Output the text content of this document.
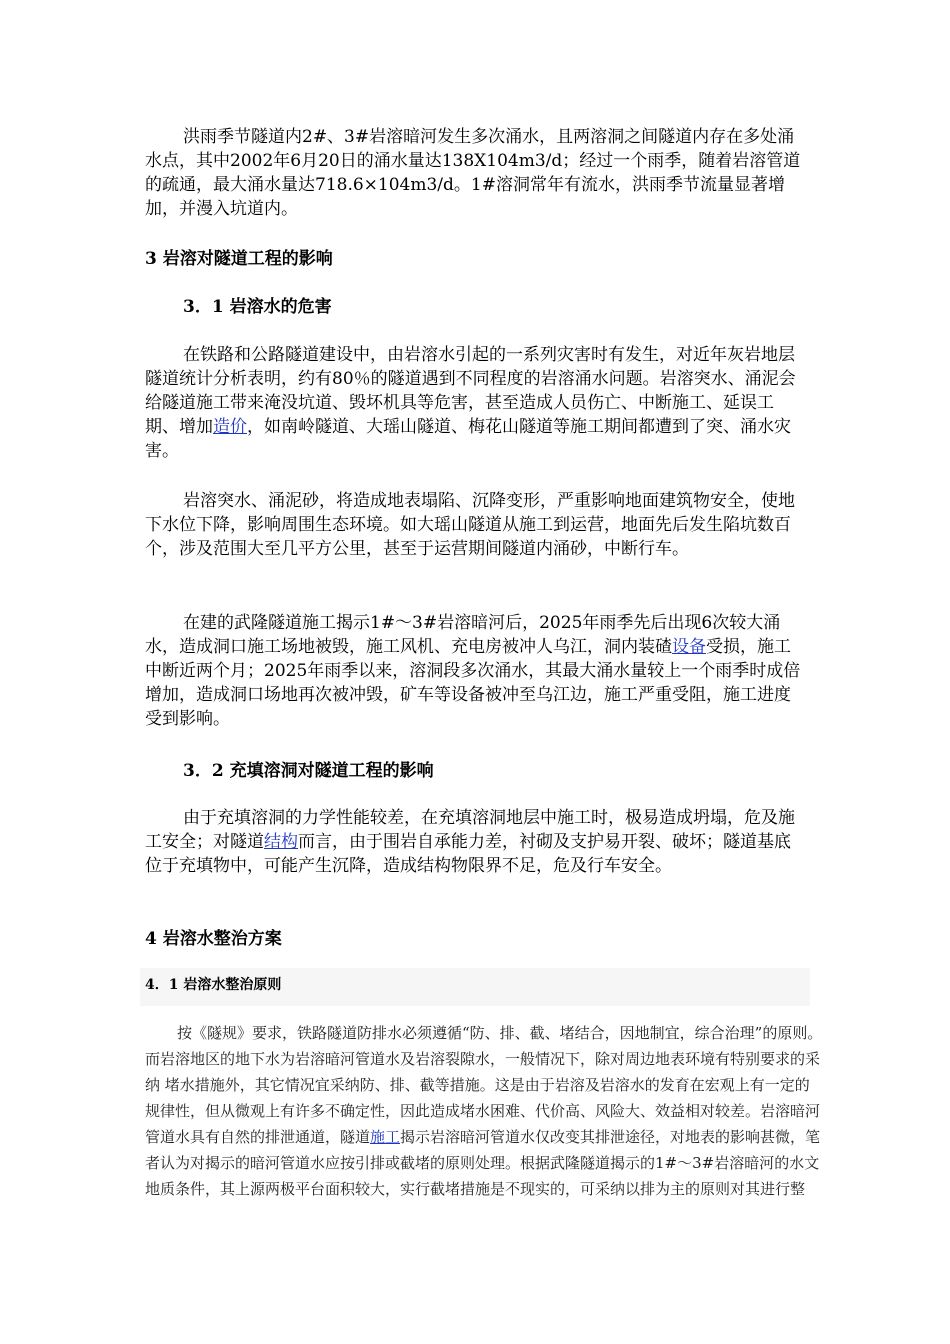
洪雨季节隧道内2#、3#岩溶暗河发生多次涌水，且两溶洞之间隧道内存在多处涌水点，其中2002年6月20日的涌水量达138X104m3/d；经过一个雨季，随着岩溶管道的疏通，最大涌水量达718.6×104m3/d。1#溶洞常年有流水，洪雨季节流量显著增加，并漫入坑道内。

3 岩溶对隧道工程的影响

3．1 岩溶水的危害

在铁路和公路隧道建设中，由岩溶水引起的一系列灾害时有发生，对近年灰岩地层隧道统计分析表明，约有80％的隧道遇到不同程度的岩溶涌水问题。岩溶突水、涌泥会给隧道施工带来淹没坑道、毁坏机具等危害，甚至造成人员伤亡、中断施工、延误工期、增加造价，如南岭隧道、大瑶山隧道、梅花山隧道等施工期间都遭到了突、涌水灾害。

岩溶突水、涌泥砂，将造成地表塌陷、沉降变形，严重影响地面建筑物安全，使地下水位下降，影响周围生态环境。如大瑶山隧道从施工到运营，地面先后发生陷坑数百个，涉及范围大至几平方公里，甚至于运营期间隧道内涌砂，中断行车。

在建的武隆隧道施工揭示1#～3#岩溶暗河后，2025年雨季先后出现6次较大涌水，造成洞口施工场地被毁，施工风机、充电房被冲人乌江，洞内装碴设备受损，施工中断近两个月；2025年雨季以来，溶洞段多次涌水，其最大涌水量较上一个雨季时成倍增加，造成洞口场地再次被冲毁，矿车等设备被冲至乌江边，施工严重受阻，施工进度受到影响。

3．2 充填溶洞对隧道工程的影响

由于充填溶洞的力学性能较差，在充填溶洞地层中施工时，极易造成坍塌，危及施工安全；对隧道结构而言，由于围岩自承能力差，衬砌及支护易开裂、破坏；隧道基底位于充填物中，可能产生沉降，造成结构物限界不足，危及行车安全。

4 岩溶水整治方案

4．1 岩溶水整治原则

按《隧规》要求，铁路隧道防排水必须遵循“防、排、截、堵结合，因地制宜，综合治理”的原则。而岩溶地区的地下水为岩溶暗河管道水及岩溶裂隙水，一般情况下，除对周边地表环境有特别要求的采纳 堵水措施外，其它情况宜采纳防、排、截等措施。这是由于岩溶及岩溶水的发育在宏观上有一定的规律性，但从微观上有许多不确定性，因此造成堵水困难、代价高、风险大、效益相对较差。岩溶暗河管道水具有自然的排泄通道，隧道施工揭示岩溶暗河管道水仅改变其排泄途径，对地表的影响甚微，笔者认为对揭示的暗河管道水应按引排或截堵的原则处理。根据武隆隧道揭示的1#～3#岩溶暗河的水文地质条件，其上源两极平台面积较大，实行截堵措施是不现实的，可采纳以排为主的原则对其进行整
